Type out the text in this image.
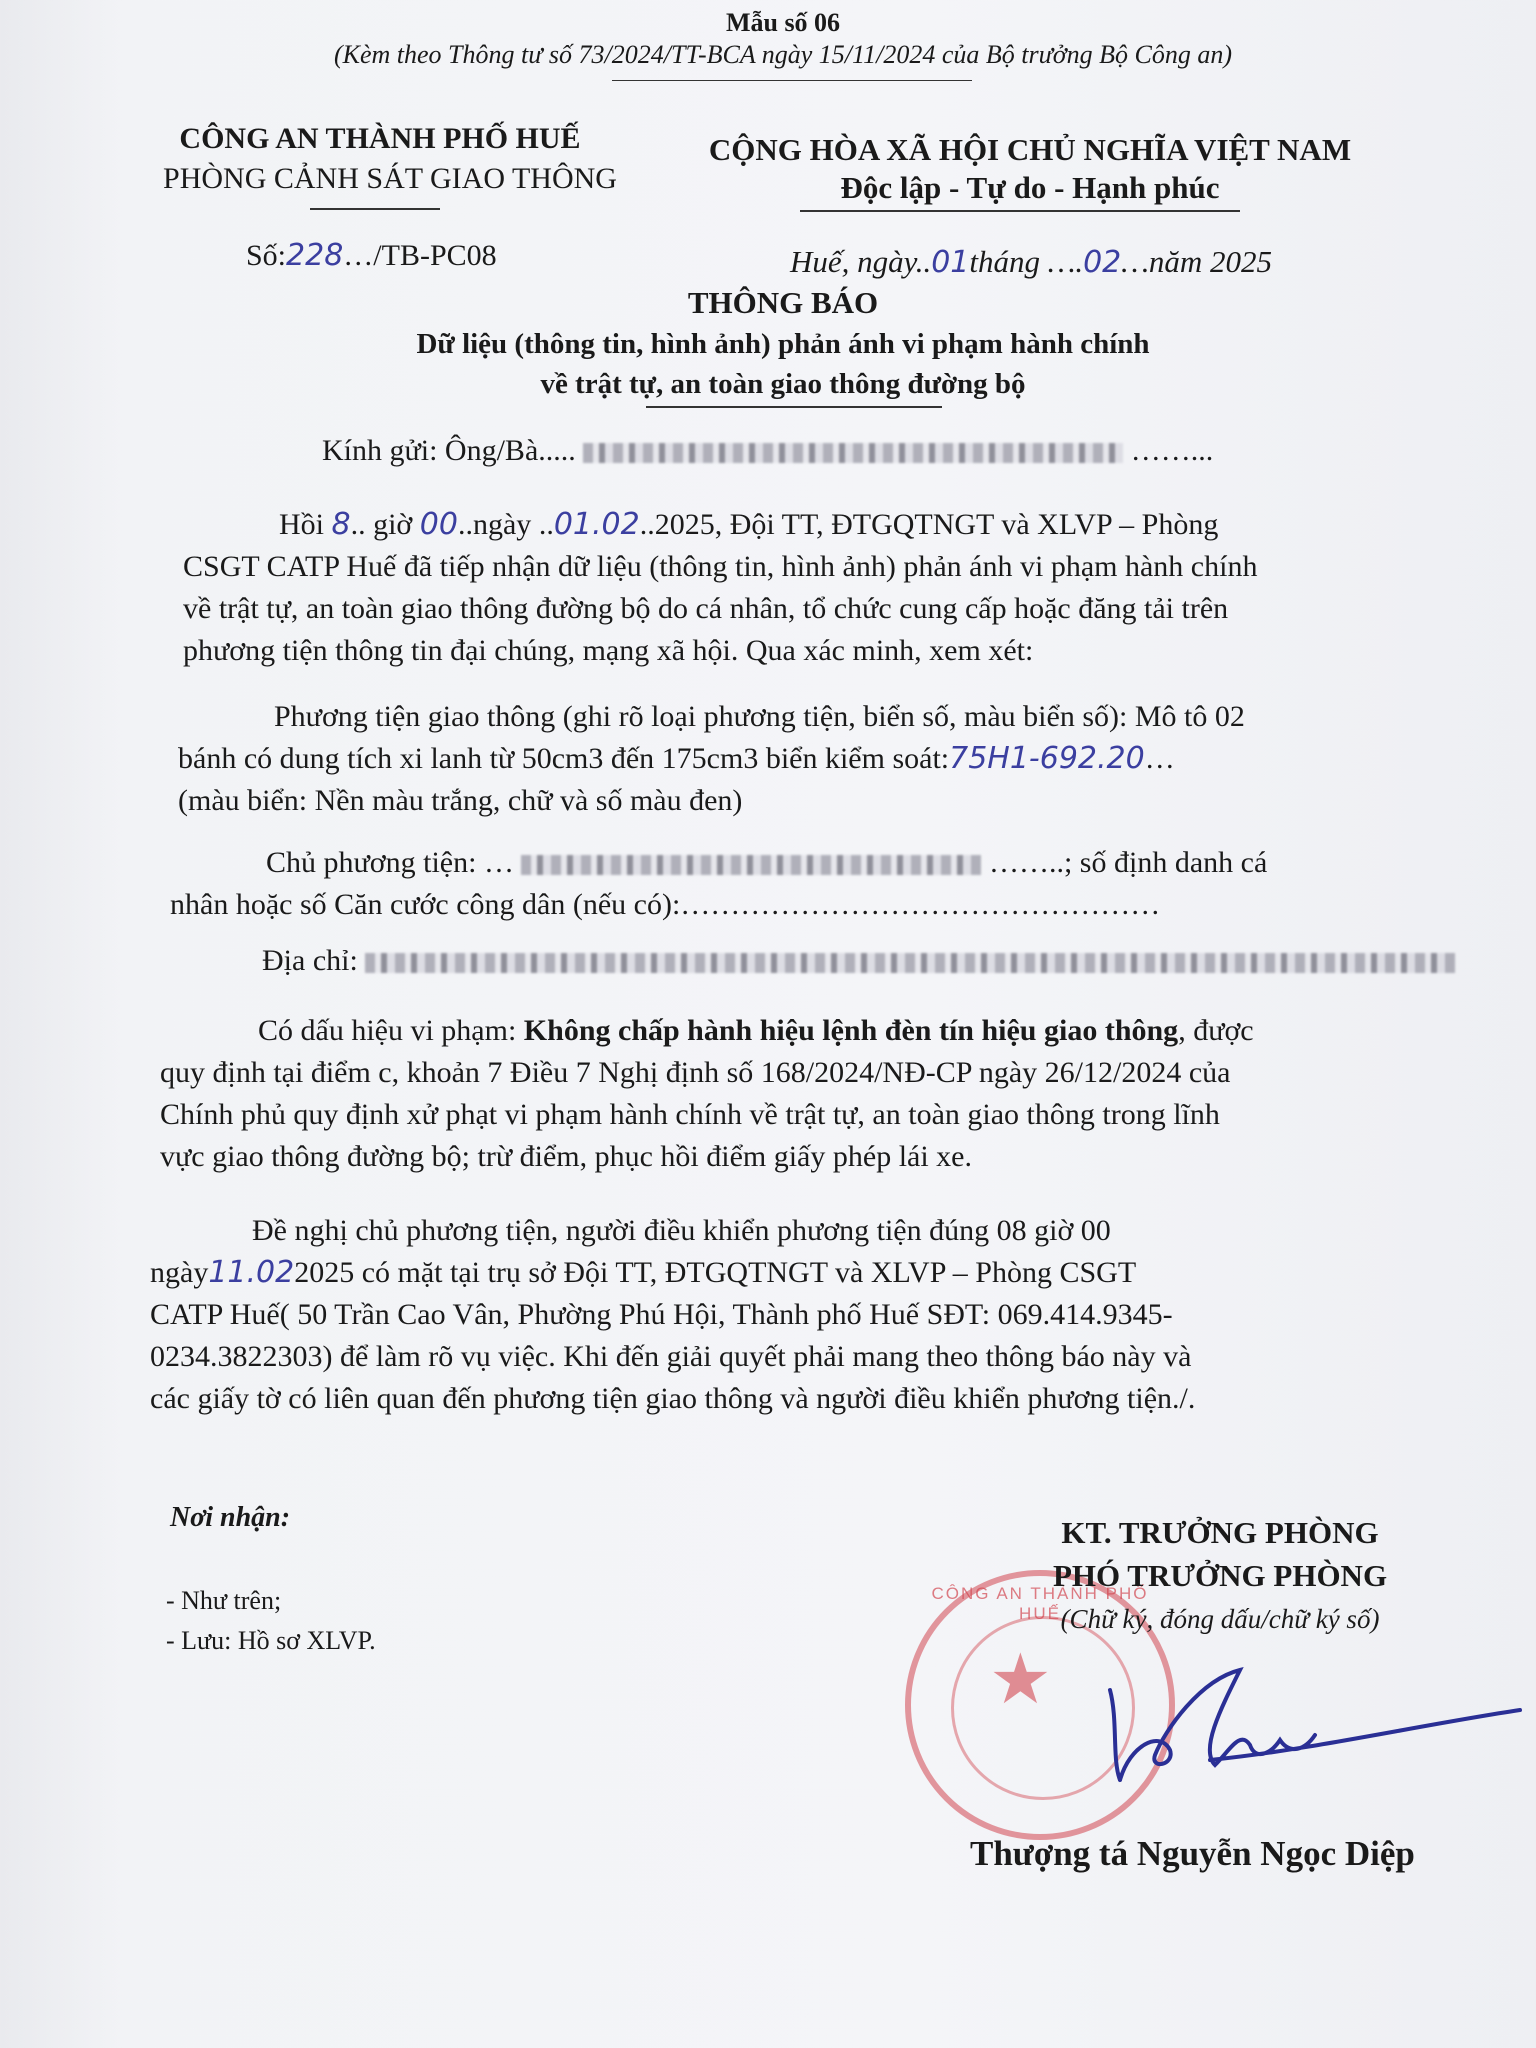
Mẫu số 06
(Kèm theo Thông tư số 73/2024/TT-BCA ngày 15/11/2024 của Bộ trưởng Bộ Công an)
CÔNG AN THÀNH PHỐ HUẾ
PHÒNG CẢNH SÁT GIAO THÔNG
CỘNG HÒA XÃ HỘI CHỦ NGHĨA VIỆT NAM
Độc lập - Tự do - Hạnh phúc
Số:228…/TB-PC08	Huế, ngày..01tháng ….02…năm 2025
THÔNG BÁO
Dữ liệu (thông tin, hình ảnh) phản ánh vi phạm hành chính
về trật tự, an toàn giao thông đường bộ
Kính gửi: Ông/Bà.....	……...
Hồi 8.. giờ 00..ngày ..01.02..2025, Đội TT, ĐTGQTNGT và XLVP – Phòng
CSGT CATP Huế đã tiếp nhận dữ liệu (thông tin, hình ảnh) phản ánh vi phạm hành chính
về trật tự, an toàn giao thông đường bộ do cá nhân, tổ chức cung cấp hoặc đăng tải trên
phương tiện thông tin đại chúng, mạng xã hội. Qua xác minh, xem xét:
Phương tiện giao thông (ghi rõ loại phương tiện, biển số, màu biển số): Mô tô 02
bánh có dung tích xi lanh từ 50cm3 đến 175cm3 biển kiểm soát:75H1-692.20…
(màu biển: Nền màu trắng, chữ và số màu đen)
Chủ phương tiện: …	……..; số định danh cá
nhân hoặc số Căn cước công dân (nếu có):…………………………………………
Địa chỉ:
Có dấu hiệu vi phạm: Không chấp hành hiệu lệnh đèn tín hiệu giao thông, được
quy định tại điểm c, khoản 7 Điều 7 Nghị định số 168/2024/NĐ-CP ngày 26/12/2024 của
Chính phủ quy định xử phạt vi phạm hành chính về trật tự, an toàn giao thông trong lĩnh
vực giao thông đường bộ; trừ điểm, phục hồi điểm giấy phép lái xe.
Đề nghị chủ phương tiện, người điều khiển phương tiện đúng 08 giờ 00
ngày11.022025 có mặt tại trụ sở Đội TT, ĐTGQTNGT và XLVP – Phòng CSGT
CATP Huế( 50 Trần Cao Vân, Phường Phú Hội, Thành phố Huế SĐT: 069.414.9345-
0234.3822303) để làm rõ vụ việc. Khi đến giải quyết phải mang theo thông báo này và
các giấy tờ có liên quan đến phương tiện giao thông và người điều khiển phương tiện./.
Nơi nhận:
- Như trên;
- Lưu: Hồ sơ XLVP.
CÔNG AN THÀNH PHỐ HUẾ
★
KT. TRƯỞNG PHÒNG
PHÓ TRƯỞNG PHÒNG
(Chữ ký, đóng dấu/chữ ký số)
Thượng tá Nguyễn Ngọc Diệp
